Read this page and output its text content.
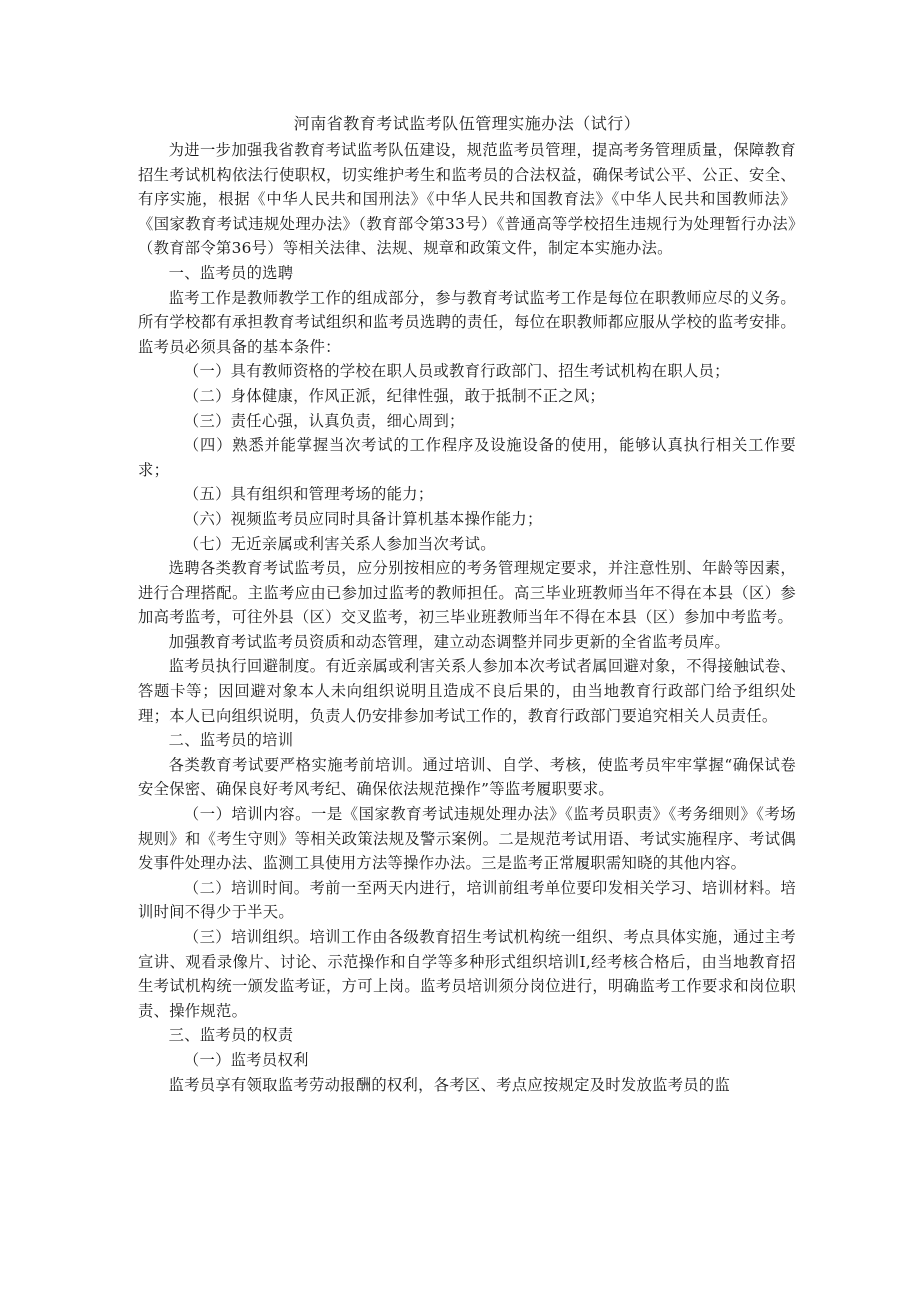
河南省教育考试监考队伍管理实施办法（试行）

为进一步加强我省教育考试监考队伍建设，规范监考员管理，提高考务管理质量，保障教育招生考试机构依法行使职权，切实维护考生和监考员的合法权益，确保考试公平、公正、安全、有序实施，根据《中华人民共和国刑法》《中华人民共和国教育法》《中华人民共和国教师法》《国家教育考试违规处理办法》（教育部令第33号）《普通高等学校招生违规行为处理暂行办法》（教育部令第36号）等相关法律、法规、规章和政策文件，制定本实施办法。

一、监考员的选聘

监考工作是教师教学工作的组成部分，参与教育考试监考工作是每位在职教师应尽的义务。所有学校都有承担教育考试组织和监考员选聘的责任，每位在职教师都应服从学校的监考安排。监考员必须具备的基本条件：

（一）具有教师资格的学校在职人员或教育行政部门、招生考试机构在职人员；

（二）身体健康，作风正派，纪律性强，敢于抵制不正之风；

（三）责任心强，认真负责，细心周到；

（四）熟悉并能掌握当次考试的工作程序及设施设备的使用，能够认真执行相关工作要求；

（五）具有组织和管理考场的能力；

（六）视频监考员应同时具备计算机基本操作能力；

（七）无近亲属或利害关系人参加当次考试。

选聘各类教育考试监考员，应分别按相应的考务管理规定要求，并注意性别、年龄等因素，进行合理搭配。主监考应由已参加过监考的教师担任。高三毕业班教师当年不得在本县（区）参加高考监考，可往外县（区）交叉监考，初三毕业班教师当年不得在本县（区）参加中考监考。

加强教育考试监考员资质和动态管理，建立动态调整并同步更新的全省监考员库。

监考员执行回避制度。有近亲属或利害关系人参加本次考试者属回避对象，不得接触试卷、答题卡等；因回避对象本人未向组织说明且造成不良后果的，由当地教育行政部门给予组织处理；本人已向组织说明，负责人仍安排参加考试工作的，教育行政部门要追究相关人员责任。

二、监考员的培训

各类教育考试要严格实施考前培训。通过培训、自学、考核，使监考员牢牢掌握“确保试卷安全保密、确保良好考风考纪、确保依法规范操作”等监考履职要求。

（一）培训内容。一是《国家教育考试违规处理办法》《监考员职责》《考务细则》《考场规则》和《考生守则》等相关政策法规及警示案例。二是规范考试用语、考试实施程序、考试偶发事件处理办法、监测工具使用方法等操作办法。三是监考正常履职需知晓的其他内容。

（二）培训时间。考前一至两天内进行，培训前组考单位要印发相关学习、培训材料。培训时间不得少于半天。

（三）培训组织。培训工作由各级教育招生考试机构统一组织、考点具体实施，通过主考宣讲、观看录像片、讨论、示范操作和自学等多种形式组织培训I,经考核合格后，由当地教育招生考试机构统一颁发监考证，方可上岗。监考员培训须分岗位进行，明确监考工作要求和岗位职责、操作规范。

三、监考员的权责

（一）监考员权利

监考员享有领取监考劳动报酬的权利，各考区、考点应按规定及时发放监考员的监
